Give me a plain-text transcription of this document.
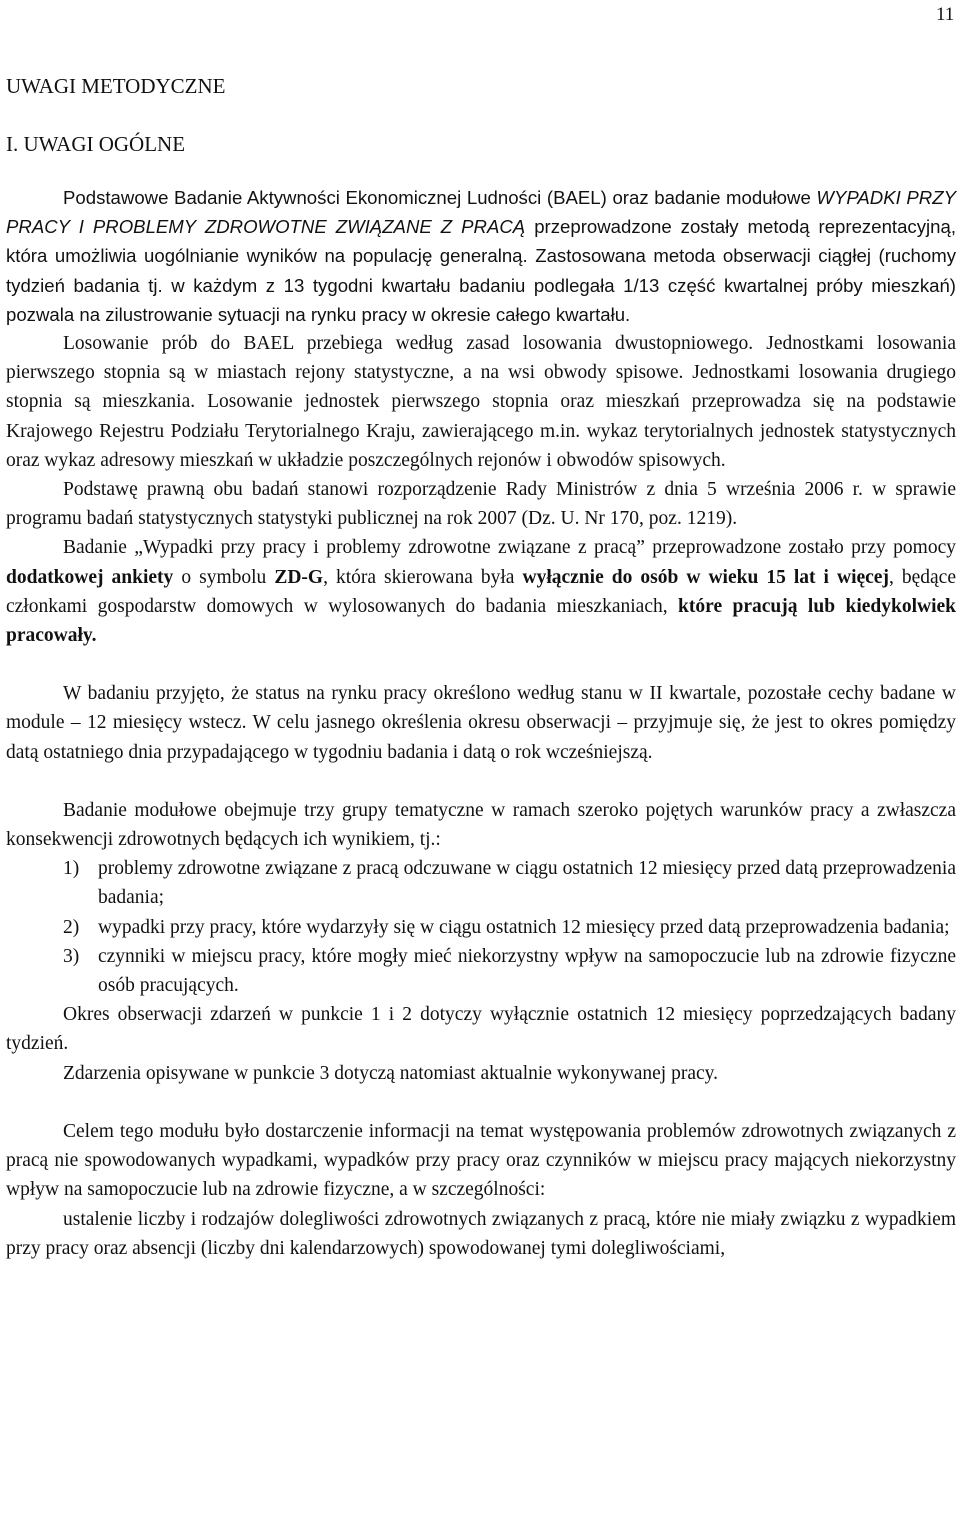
11
UWAGI METODYCZNE
I. UWAGI OGÓLNE

Podstawowe Badanie Aktywności Ekonomicznej Ludności (BAEL) oraz badanie modułowe WYPADKI PRZY PRACY I PROBLEMY ZDROWOTNE ZWIĄZANE Z PRACĄ przeprowadzone zostały metodą reprezentacyjną, która umożliwia uogólnianie wyników na populację generalną. Zastosowana metoda obserwacji ciągłej (ruchomy tydzień badania tj. w każdym z 13 tygodni kwartału badaniu podlegała 1/13 część kwartalnej próby mieszkań) pozwala na zilustrowanie sytuacji na rynku pracy w okresie całego kwartału.

Losowanie prób do BAEL przebiega według zasad losowania dwustopniowego. Jednostkami losowania pierwszego stopnia są w miastach rejony statystyczne, a na wsi obwody spisowe. Jednostkami losowania drugiego stopnia są mieszkania. Losowanie jednostek pierwszego stopnia oraz mieszkań przeprowadza się na podstawie Krajowego Rejestru Podziału Terytorialnego Kraju, zawierającego m.in. wykaz terytorialnych jednostek statystycznych oraz wykaz adresowy mieszkań w układzie poszczególnych rejonów i obwodów spisowych.

Podstawę prawną obu badań stanowi rozporządzenie Rady Ministrów z dnia 5 września 2006 r. w sprawie programu badań statystycznych statystyki publicznej na rok 2007 (Dz. U. Nr 170, poz. 1219).

Badanie „Wypadki przy pracy i problemy zdrowotne związane z pracą” przeprowadzone zostało przy pomocy dodatkowej ankiety o symbolu ZD-G, która skierowana była wyłącznie do osób w wieku 15 lat i więcej, będące członkami gospodarstw domowych w wylosowanych do badania mieszkaniach, które pracują lub kiedykolwiek pracowały.

W badaniu przyjęto, że status na rynku pracy określono według stanu w II kwartale, pozostałe cechy badane w module – 12 miesięcy wstecz. W celu jasnego określenia okresu obserwacji – przyjmuje się, że jest to okres pomiędzy datą ostatniego dnia przypadającego w tygodniu badania i datą o rok wcześniejszą.

Badanie modułowe obejmuje trzy grupy tematyczne w ramach szeroko pojętych warunków pracy a zwłaszcza konsekwencji zdrowotnych będących ich wynikiem, tj.:

1) problemy zdrowotne związane z pracą odczuwane w ciągu ostatnich 12 miesięcy przed datą przeprowadzenia badania;
2) wypadki przy pracy, które wydarzyły się w ciągu ostatnich 12 miesięcy przed datą przeprowadzenia badania;
3) czynniki w miejscu pracy, które mogły mieć niekorzystny wpływ na samopoczucie lub na zdrowie fizyczne osób pracujących.

Okres obserwacji zdarzeń w punkcie 1 i 2 dotyczy wyłącznie ostatnich 12 miesięcy poprzedzających badany tydzień.

Zdarzenia opisywane w punkcie 3 dotyczą natomiast aktualnie wykonywanej pracy.

Celem tego modułu było dostarczenie informacji na temat występowania problemów zdrowotnych związanych z pracą nie spowodowanych wypadkami, wypadków przy pracy oraz czynników w miejscu pracy mających niekorzystny wpływ na samopoczucie lub na zdrowie fizyczne, a w szczególności:

ustalenie liczby i rodzajów dolegliwości zdrowotnych związanych z pracą, które nie miały związku z wypadkiem przy pracy oraz absencji (liczby dni kalendarzowych) spowodowanej tymi dolegliwościami,
